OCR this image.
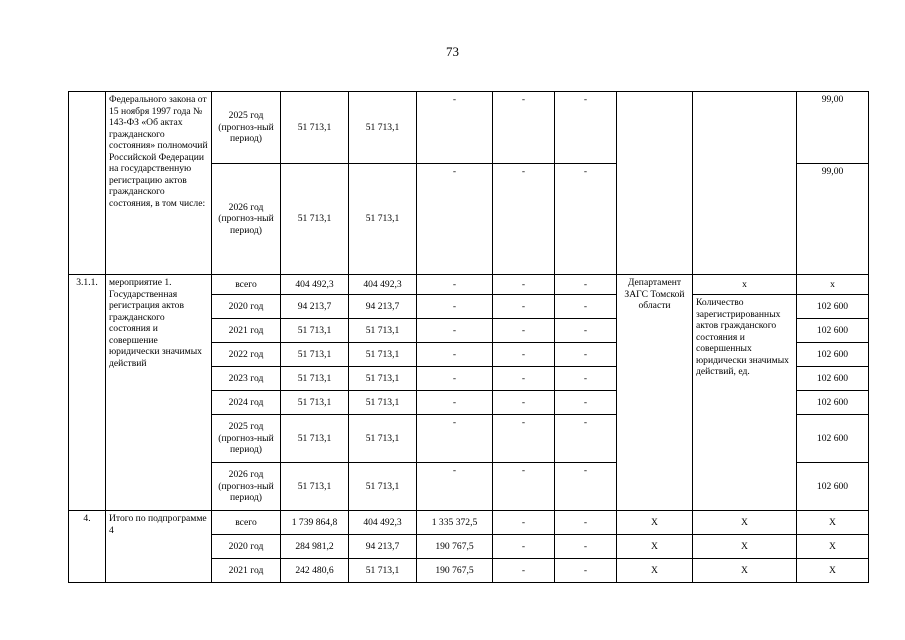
73
	Федерального закона от 15 ноября 1997 года № 143-ФЗ «Об актах гражданского состояния» полномочий Российской Федерации на государственную регистрацию актов гражданского состояния, в том числе:	2025 год (прогноз-ный период)	51 713,1	51 713,1	-	-	-			99,00
		2026 год (прогноз-ный период)	51 713,1	51 713,1	-	-	-			99,00
3.1.1.	мероприятие 1. Государственная регистрация актов гражданского состояния и совершение юридически значимых действий	всего	404 492,3	404 492,3	-	-	-	Департамент ЗАГС Томской области	х	х
		2020 год	94 213,7	94 213,7	-	-	-		Количество зарегистрированных актов гражданского состояния и совершенных юридически значимых действий, ед.	102 600
		2021 год	51 713,1	51 713,1	-	-	-			102 600
		2022 год	51 713,1	51 713,1	-	-	-			102 600
		2023 год	51 713,1	51 713,1	-	-	-			102 600
		2024 год	51 713,1	51 713,1	-	-	-			102 600
		2025 год (прогноз-ный период)	51 713,1	51 713,1	-	-	-			102 600
		2026 год (прогноз-ный период)	51 713,1	51 713,1	-	-	-			102 600
4.	Итого по подпрограмме 4	всего	1 739 864,8	404 492,3	1 335 372,5	-	-	X	X	X
		2020 год	284 981,2	94 213,7	190 767,5	-	-	X	X	X
		2021 год	242 480,6	51 713,1	190 767,5	-	-	X	X	X
